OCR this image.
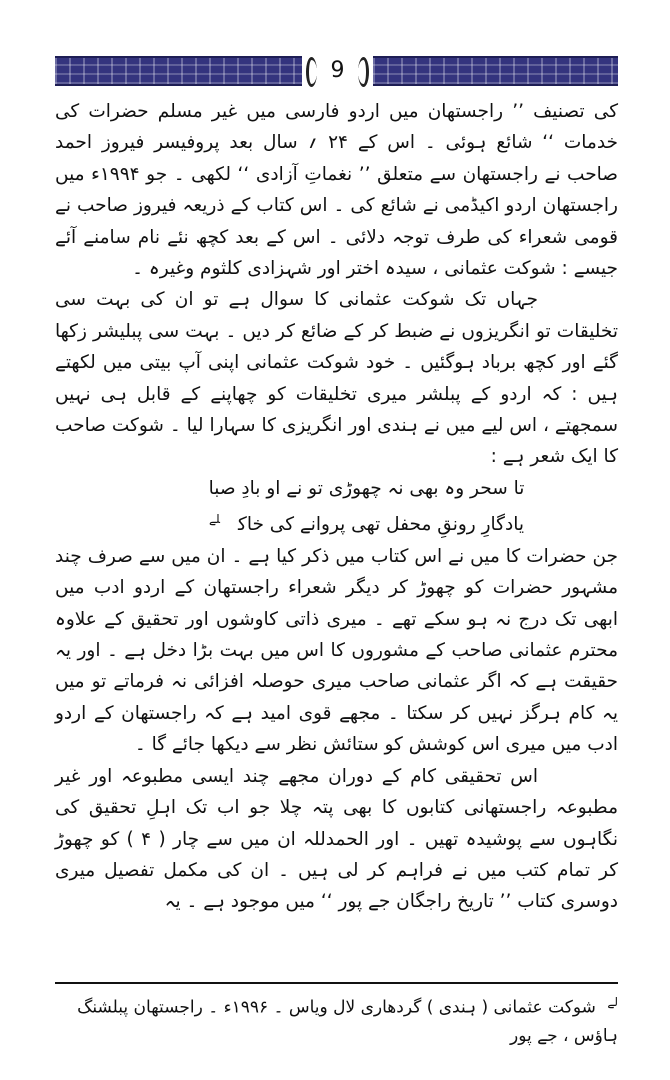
9

کی تصنیف ’’ راجستھان میں اردو فارسی میں غیر مسلم حضرات کی خدمات ‘‘ شائع ہوئی ۔ اس کے ۲۴ ؍ سال بعد پروفیسر فیروز احمد صاحب نے راجستھان سے متعلق ’’ نغماتِ آزادی ‘‘ لکھی ۔ جو ۱۹۹۴ء میں راجستھان اردو اکیڈمی نے شائع کی ۔ اس کتاب کے ذریعہ فیروز صاحب نے قومی شعراء کی طرف توجہ دلائی ۔ اس کے بعد کچھ نئے نام سامنے آئے جیسے : شوکت عثمانی ، سیدہ اختر اور شہزادی کلثوم وغیرہ ۔

جہاں تک شوکت عثمانی کا سوال ہے تو ان کی بہت سی تخلیقات تو انگریزوں نے ضبط کر کے ضائع کر دیں ۔ بہت سی پبلیشر زکھا گئے اور کچھ برباد ہوگئیں ۔ خود شوکت عثمانی اپنی آپ بیتی میں لکھتے ہیں : کہ اردو کے پبلشر میری تخلیقات کو چھاپنے کے قابل ہی نہیں سمجھتے ، اس لیے میں نے ہندی اور انگریزی کا سہارا لیا ۔ شوکت صاحب کا ایک شعر ہے :

تا سحر وہ بھی نہ چھوڑی تو نے او بادِ صبا

یادگارِ رونقِ محفل تھی پروانے کی خاک$^{لے}$

جن حضرات کا میں نے اس کتاب میں ذکر کیا ہے ۔ ان میں سے صرف چند مشہور حضرات کو چھوڑ کر دیگر شعراء راجستھان کے اردو ادب میں ابھی تک درج نہ ہو سکے تھے ۔ میری ذاتی کاوشوں اور تحقیق کے علاوہ محترم عثمانی صاحب کے مشوروں کا اس میں بہت بڑا دخل ہے ۔ اور یہ حقیقت ہے کہ اگر عثمانی صاحب میری حوصلہ افزائی نہ فرماتے تو میں یہ کام ہرگز نہیں کر سکتا ۔ مجھے قوی امید ہے کہ راجستھان کے اردو ادب میں میری اس کوشش کو ستائش نظر سے دیکھا جائے گا ۔

اس تحقیقی کام کے دوران مجھے چند ایسی مطبوعہ اور غیر مطبوعہ راجستھانی کتابوں کا بھی پتہ چلا جو اب تک اہلِ تحقیق کی نگاہوں سے پوشیدہ تھیں ۔ اور الحمدللہ ان میں سے چار ( ۴ ) کو چھوڑ کر تمام کتب میں نے فراہم کر لی ہیں ۔ ان کی مکمل تفصیل میری دوسری کتاب ’’ تاریخ راجگان جے پور ‘‘ میں موجود ہے ۔ یہ

$^{لے}$ شوکت عثمانی ( ہندی ) گردھاری لال ویاس ۔ ۱۹۹۶ء ۔ راجستھان پبلشنگ ہاؤس ، جے پور
